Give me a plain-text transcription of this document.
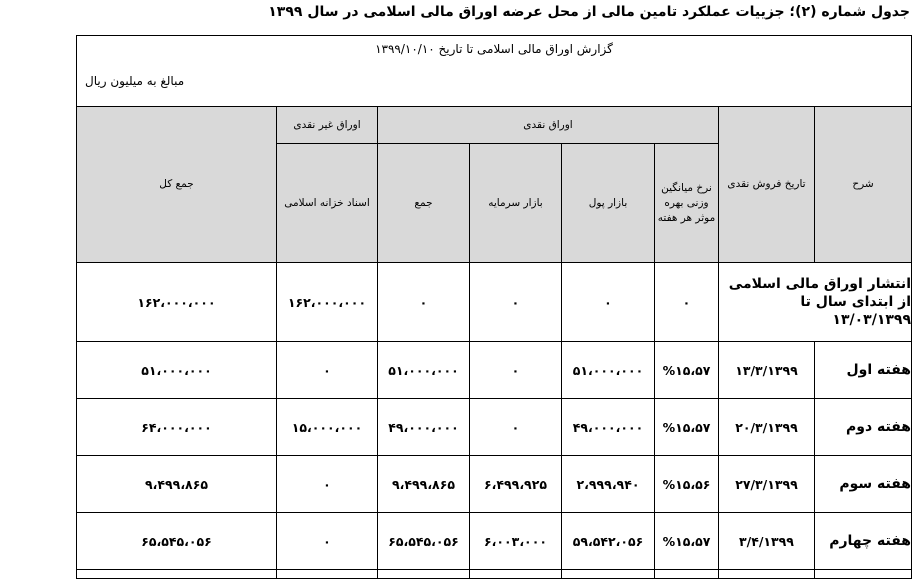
جدول شماره (۲)؛ جزییات عملکرد تامین مالی از محل عرضه اوراق مالی اسلامی در سال ۱۳۹۹
گزارش اوراق مالی اسلامی تا تاریخ ۱۳۹۹/۱۰/۱۰
مبالغ به میلیون ریال							

شرح	تاریخ فروش نقدی	اوراق نقدی				اوراق غیر نقدی	جمع کل
		نرخ میانگین وزنی بهره موثر هر هفته	بازار پول	بازار سرمایه	جمع	اسناد خزانه اسلامی	
انتشار اوراق مالی اسلامی از ابتدای سال تا ۱۳/۰۳/۱۳۹۹		۰	۰	۰	۰	۱۶۲،۰۰۰،۰۰۰	۱۶۲،۰۰۰،۰۰۰
هفته اول	۱۳/۳/۱۳۹۹	%۱۵،۵۷	۵۱،۰۰۰،۰۰۰	۰	۵۱،۰۰۰،۰۰۰	۰	۵۱،۰۰۰،۰۰۰
هفته دوم	۲۰/۳/۱۳۹۹	%۱۵،۵۷	۴۹،۰۰۰،۰۰۰	۰	۴۹،۰۰۰،۰۰۰	۱۵،۰۰۰،۰۰۰	۶۴،۰۰۰،۰۰۰
هفته سوم	۲۷/۳/۱۳۹۹	%۱۵،۵۶	۲،۹۹۹،۹۴۰	۶،۴۹۹،۹۲۵	۹،۴۹۹،۸۶۵	۰	۹،۴۹۹،۸۶۵
هفته چهارم	۳/۴/۱۳۹۹	%۱۵،۵۷	۵۹،۵۴۲،۰۵۶	۶،۰۰۳،۰۰۰	۶۵،۵۴۵،۰۵۶	۰	۶۵،۵۴۵،۰۵۶
